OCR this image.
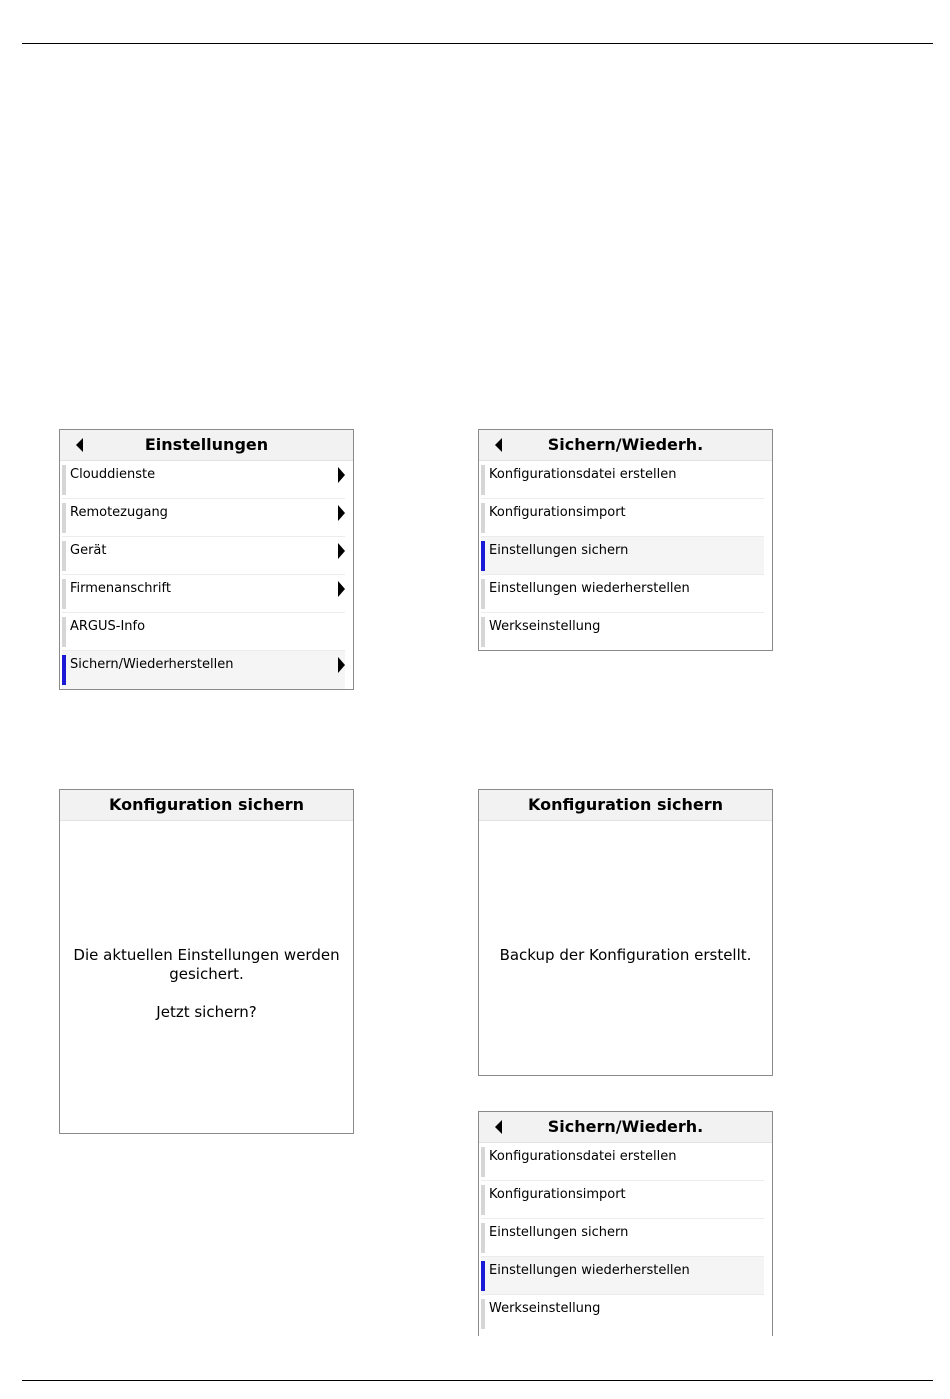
Einstellungen
Clouddienste
Remotezugang
Gerät
Firmenanschrift
ARGUS-Info
Sichern/Wiederherstellen
Sichern/Wiederh.
Konfigurationsdatei erstellen
Konfigurationsimport
Einstellungen sichern
Einstellungen wiederherstellen
Werkseinstellung
Konfiguration sichern
Die aktuellen Einstellungen werden
gesichert.
Jetzt sichern?
Konfiguration sichern
Backup der Konfiguration erstellt.
Sichern/Wiederh.
Konfigurationsdatei erstellen
Konfigurationsimport
Einstellungen sichern
Einstellungen wiederherstellen
Werkseinstellung
